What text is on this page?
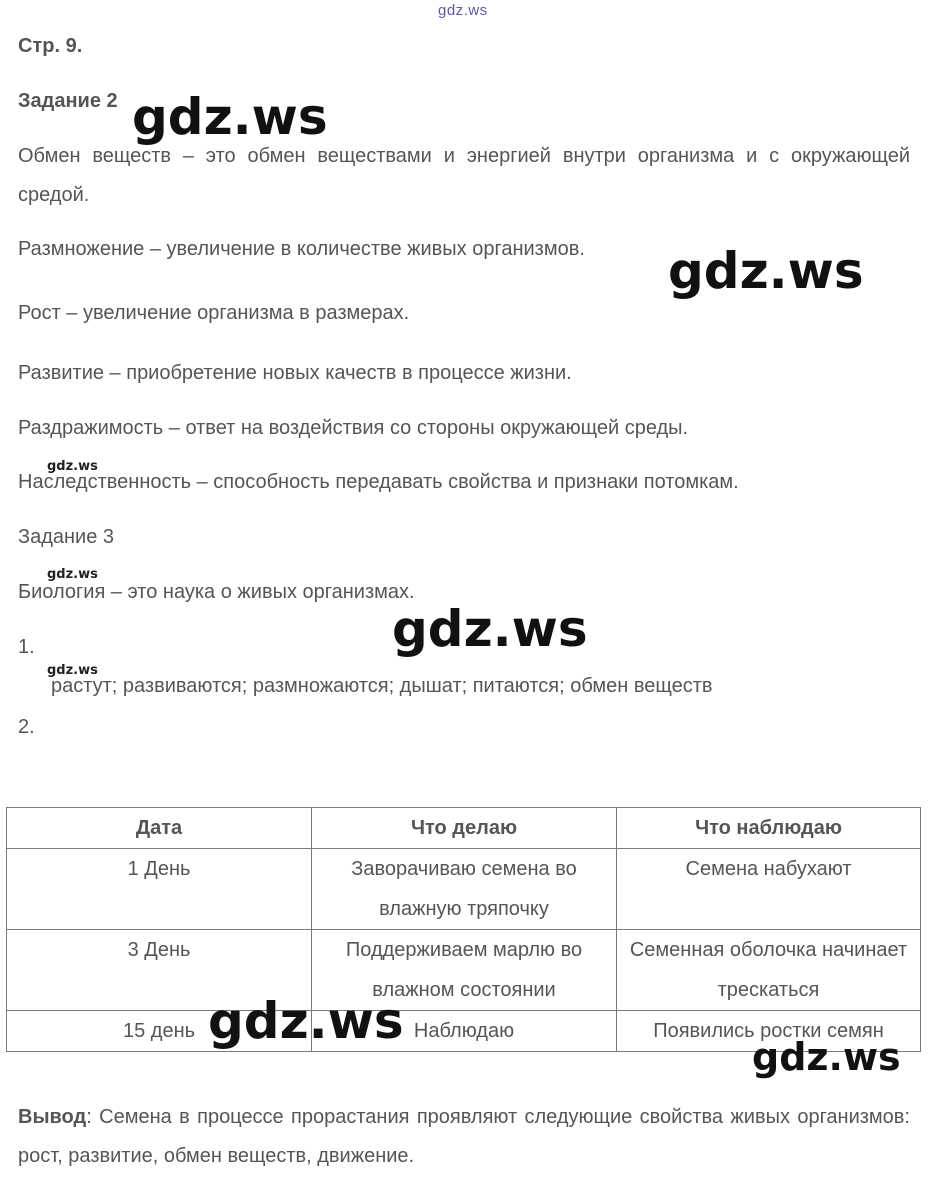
gdz.ws
Стр. 9.
Задание 2
Обмен веществ – это обмен веществами и энергией внутри организма и с окружающей средой.
Размножение – увеличение в количестве живых организмов.
Рост – увеличение организма в размерах.
Развитие – приобретение новых качеств в процессе жизни.
Раздражимость – ответ на воздействия со стороны окружающей среды.
Наследственность – способность передавать свойства и признаки потомкам.
Задание 3
Биология – это наука о живых организмах.
1.
растут; развиваются; размножаются; дышат; питаются; обмен веществ
2.
Дата	Что делаю	Что наблюдаю
1 День	Заворачиваю семена во влажную тряпочку	Семена набухают
3 День	Поддерживаем марлю во влажном состоянии	Семенная оболочка начинает трескаться
15 день	Наблюдаю	Появились ростки семян
Вывод: Семена в процессе прорастания проявляют следующие свойства живых организмов: рост, развитие, обмен веществ, движение.
gdz.ws
gdz.ws
gdz.ws
gdz.ws
gdz.ws
gdz.ws
gdz.ws
gdz.ws
